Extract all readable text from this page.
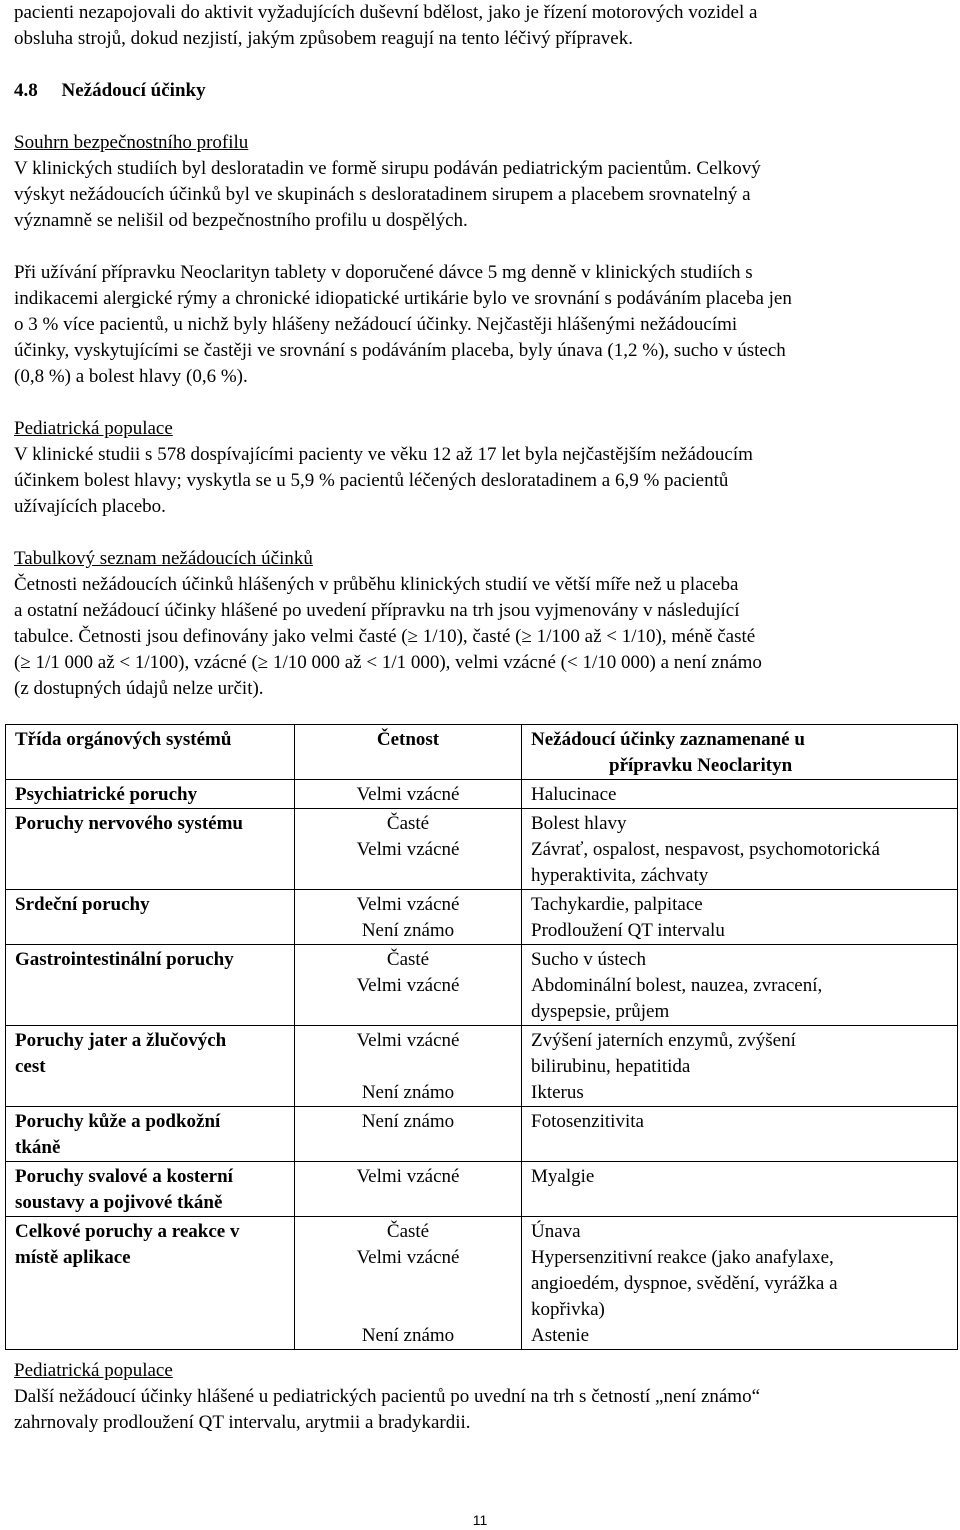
pacienti nezapojovali do aktivit vyžadujících duševní bdělost, jako je řízení motorových vozidel a

obsluha strojů, dokud nezjistí, jakým způsobem reagují na tento léčivý přípravek.

4.8 Nežádoucí účinky

Souhrn bezpečnostního profilu

V klinických studiích byl desloratadin ve formě sirupu podáván pediatrickým pacientům. Celkový

výskyt nežádoucích účinků byl ve skupinách s desloratadinem sirupem a placebem srovnatelný a

významně se nelišil od bezpečnostního profilu u dospělých.

Při užívání přípravku Neoclarityn tablety v doporučené dávce 5 mg denně v klinických studiích s

indikacemi alergické rýmy a chronické idiopatické urtikárie bylo ve srovnání s podáváním placeba jen

o 3 % více pacientů, u nichž byly hlášeny nežádoucí účinky. Nejčastěji hlášenými nežádoucími

účinky, vyskytujícími se častěji ve srovnání s podáváním placeba, byly únava (1,2 %), sucho v ústech

(0,8 %) a bolest hlavy (0,6 %).

Pediatrická populace

V klinické studii s 578 dospívajícími pacienty ve věku 12 až 17 let byla nejčastějším nežádoucím

účinkem bolest hlavy; vyskytla se u 5,9 % pacientů léčených desloratadinem a 6,9 % pacientů

užívajících placebo.

Tabulkový seznam nežádoucích účinků

Četnosti nežádoucích účinků hlášených v průběhu klinických studií ve větší míře než u placeba

a ostatní nežádoucí účinky hlášené po uvedení přípravku na trh jsou vyjmenovány v následující

tabulce. Četnosti jsou definovány jako velmi časté (≥ 1/10), časté (≥ 1/100 až < 1/10), méně časté

(≥ 1/1 000 až < 1/100), vzácné (≥ 1/10 000 až < 1/1 000), velmi vzácné (< 1/10 000) a není známo

(z dostupných údajů nelze určit).

Třída orgánových systémů	Četnost	Nežádoucí účinky zaznamenané u
přípravku Neoclarityn

Psychiatrické poruchy	Velmi vzácné	Halucinace

Poruchy nervového systému	Časté
Velmi vzácné	Bolest hlavy
Závrať, ospalost, nespavost, psychomotorická
hyperaktivita, záchvaty

Srdeční poruchy	Velmi vzácné
Není známo	Tachykardie, palpitace
Prodloužení QT intervalu

Gastrointestinální poruchy	Časté
Velmi vzácné	Sucho v ústech
Abdominální bolest, nauzea, zvracení,
dyspepsie, průjem

Poruchy jater a žlučových
cest	Velmi vzácné
Není známo	Zvýšení jaterních enzymů, zvýšení
bilirubinu, hepatitida
Ikterus

Poruchy kůže a podkožní
tkáně	Není známo	Fotosenzitivita

Poruchy svalové a kosterní
soustavy a pojivové tkáně	Velmi vzácné	Myalgie

Celkové poruchy a reakce v
místě aplikace	Časté
Velmi vzácné
Není známo	Únava
Hypersenzitivní reakce (jako anafylaxe,
angioedém, dyspnoe, svědění, vyrážka a
kopřivka)
Astenie

Pediatrická populace

Další nežádoucí účinky hlášené u pediatrických pacientů po uvední na trh s četností „není známo“

zahrnovaly prodloužení QT intervalu, arytmii a bradykardii.

11
